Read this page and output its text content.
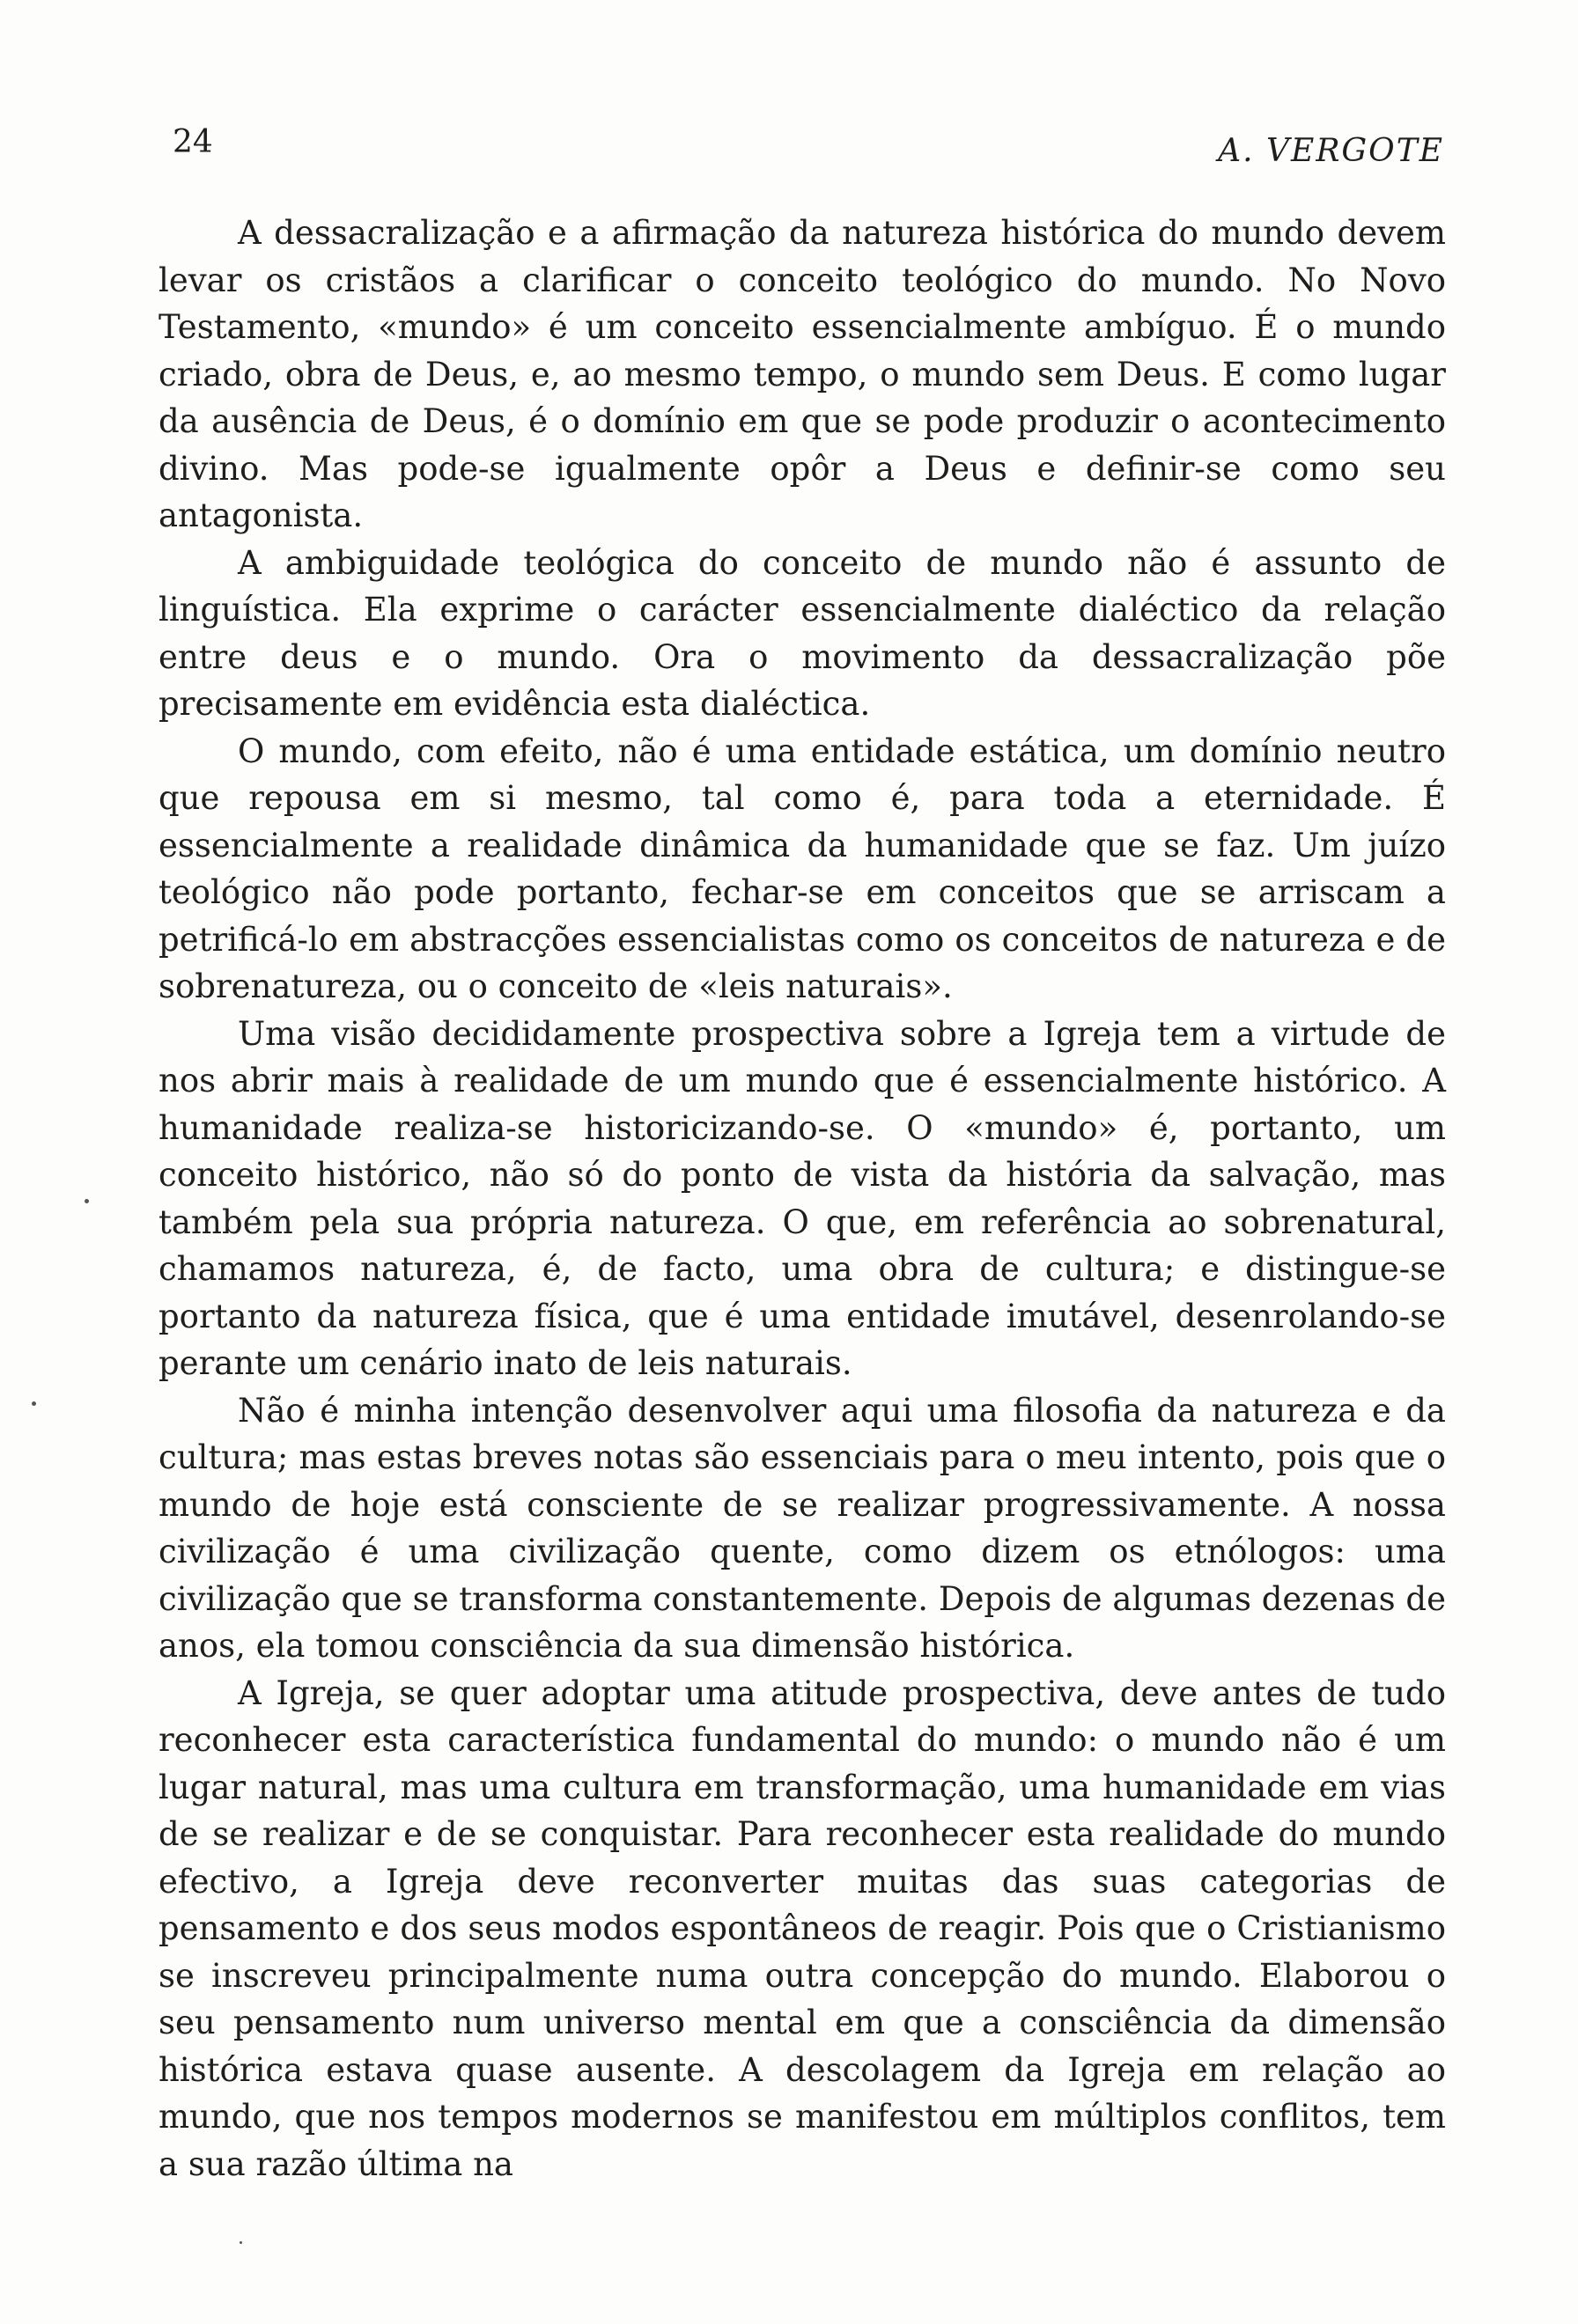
24	A. VERGOTE

A dessacralização e a afirmação da natureza histórica do mundo devem levar os cristãos a clarificar o conceito teológico do mundo. No Novo Testamento, «mundo» é um conceito essencialmente ambíguo. É o mundo criado, obra de Deus, e, ao mesmo tempo, o mundo sem Deus. E como lugar da ausência de Deus, é o domínio em que se pode produzir o acontecimento divino. Mas pode-se igualmente opôr a Deus e definir-se como seu antagonista.

A ambiguidade teológica do conceito de mundo não é assunto de linguística. Ela exprime o carácter essencialmente dialéctico da relação entre deus e o mundo. Ora o movimento da dessacralização põe precisamente em evidência esta dialéctica.

O mundo, com efeito, não é uma entidade estática, um domínio neutro que repousa em si mesmo, tal como é, para toda a eternidade. É essencialmente a realidade dinâmica da humanidade que se faz. Um juízo teológico não pode portanto, fechar-se em conceitos que se arriscam a petrificá-lo em abstracções essencialistas como os conceitos de natureza e de sobrenatureza, ou o conceito de «leis naturais».

Uma visão decididamente prospectiva sobre a Igreja tem a virtude de nos abrir mais à realidade de um mundo que é essencialmente histórico. A humanidade realiza-se historicizando-se. O «mundo» é, portanto, um conceito histórico, não só do ponto de vista da história da salvação, mas também pela sua própria natureza. O que, em referência ao sobrenatural, chamamos natureza, é, de facto, uma obra de cultura; e distingue-se portanto da natureza física, que é uma entidade imutável, desenrolando-se perante um cenário inato de leis naturais.

Não é minha intenção desenvolver aqui uma filosofia da natureza e da cultura; mas estas breves notas são essenciais para o meu intento, pois que o mundo de hoje está consciente de se realizar progressivamente. A nossa civilização é uma civilização quente, como dizem os etnólogos: uma civilização que se transforma constantemente. Depois de algumas dezenas de anos, ela tomou consciência da sua dimensão histórica.

A Igreja, se quer adoptar uma atitude prospectiva, deve antes de tudo reconhecer esta característica fundamental do mundo: o mundo não é um lugar natural, mas uma cultura em transformação, uma humanidade em vias de se realizar e de se conquistar. Para reconhecer esta realidade do mundo efectivo, a Igreja deve reconverter muitas das suas categorias de pensamento e dos seus modos espontâneos de reagir. Pois que o Cristianismo se inscreveu principalmente numa outra concepção do mundo. Elaborou o seu pensamento num universo mental em que a consciência da dimensão histórica estava quase ausente. A descolagem da Igreja em relação ao mundo, que nos tempos modernos se manifestou em múltiplos conflitos, tem a sua razão última na
